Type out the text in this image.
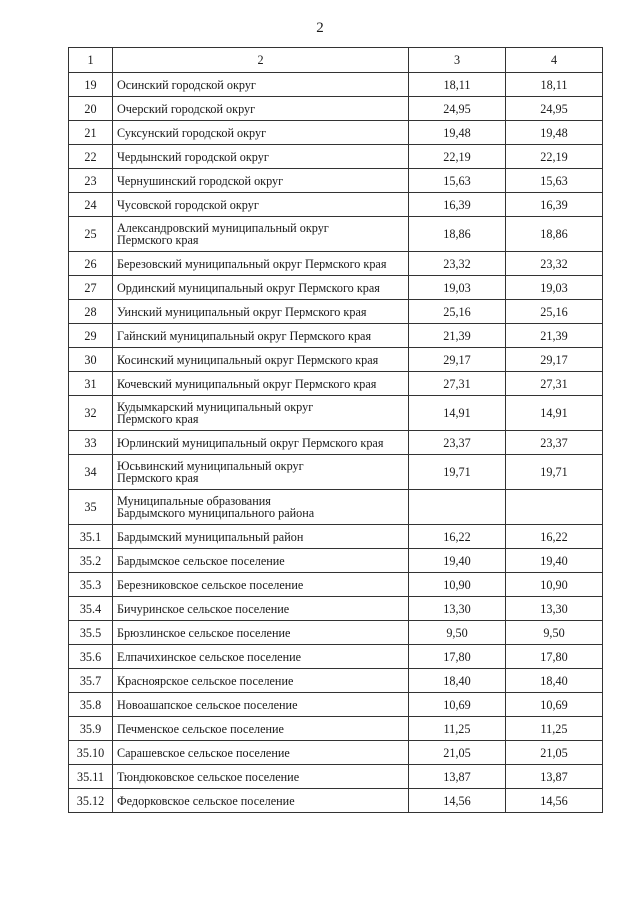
2
1	2	3	4
19	Осинский городской округ	18,11	18,11
20	Очерский городской округ	24,95	24,95
21	Суксунский городской округ	19,48	19,48
22	Чердынский городской округ	22,19	22,19
23	Чернушинский городской округ	15,63	15,63
24	Чусовской городской округ	16,39	16,39
25	Александровский муниципальный округ
Пермского края	18,86	18,86
26	Березовский муниципальный округ Пермского края	23,32	23,32
27	Ординский муниципальный округ Пермского края	19,03	19,03
28	Уинский муниципальный округ Пермского края	25,16	25,16
29	Гайнский муниципальный округ Пермского края	21,39	21,39
30	Косинский муниципальный округ Пермского края	29,17	29,17
31	Кочевский муниципальный округ Пермского края	27,31	27,31
32	Кудымкарский муниципальный округ
Пермского края	14,91	14,91
33	Юрлинский муниципальный округ Пермского края	23,37	23,37
34	Юсьвинский муниципальный округ
Пермского края	19,71	19,71
35	Муниципальные образования
Бардымского муниципального района		
35.1	Бардымский муниципальный район	16,22	16,22
35.2	Бардымское сельское поселение	19,40	19,40
35.3	Березниковское сельское поселение	10,90	10,90
35.4	Бичуринское сельское поселение	13,30	13,30
35.5	Брюзлинское сельское поселение	9,50	9,50
35.6	Елпачихинское сельское поселение	17,80	17,80
35.7	Красноярское сельское поселение	18,40	18,40
35.8	Новоашапское сельское поселение	10,69	10,69
35.9	Печменское сельское поселение	11,25	11,25
35.10	Сарашевское сельское поселение	21,05	21,05
35.11	Тюндюковское сельское поселение	13,87	13,87
35.12	Федорковское сельское поселение	14,56	14,56
